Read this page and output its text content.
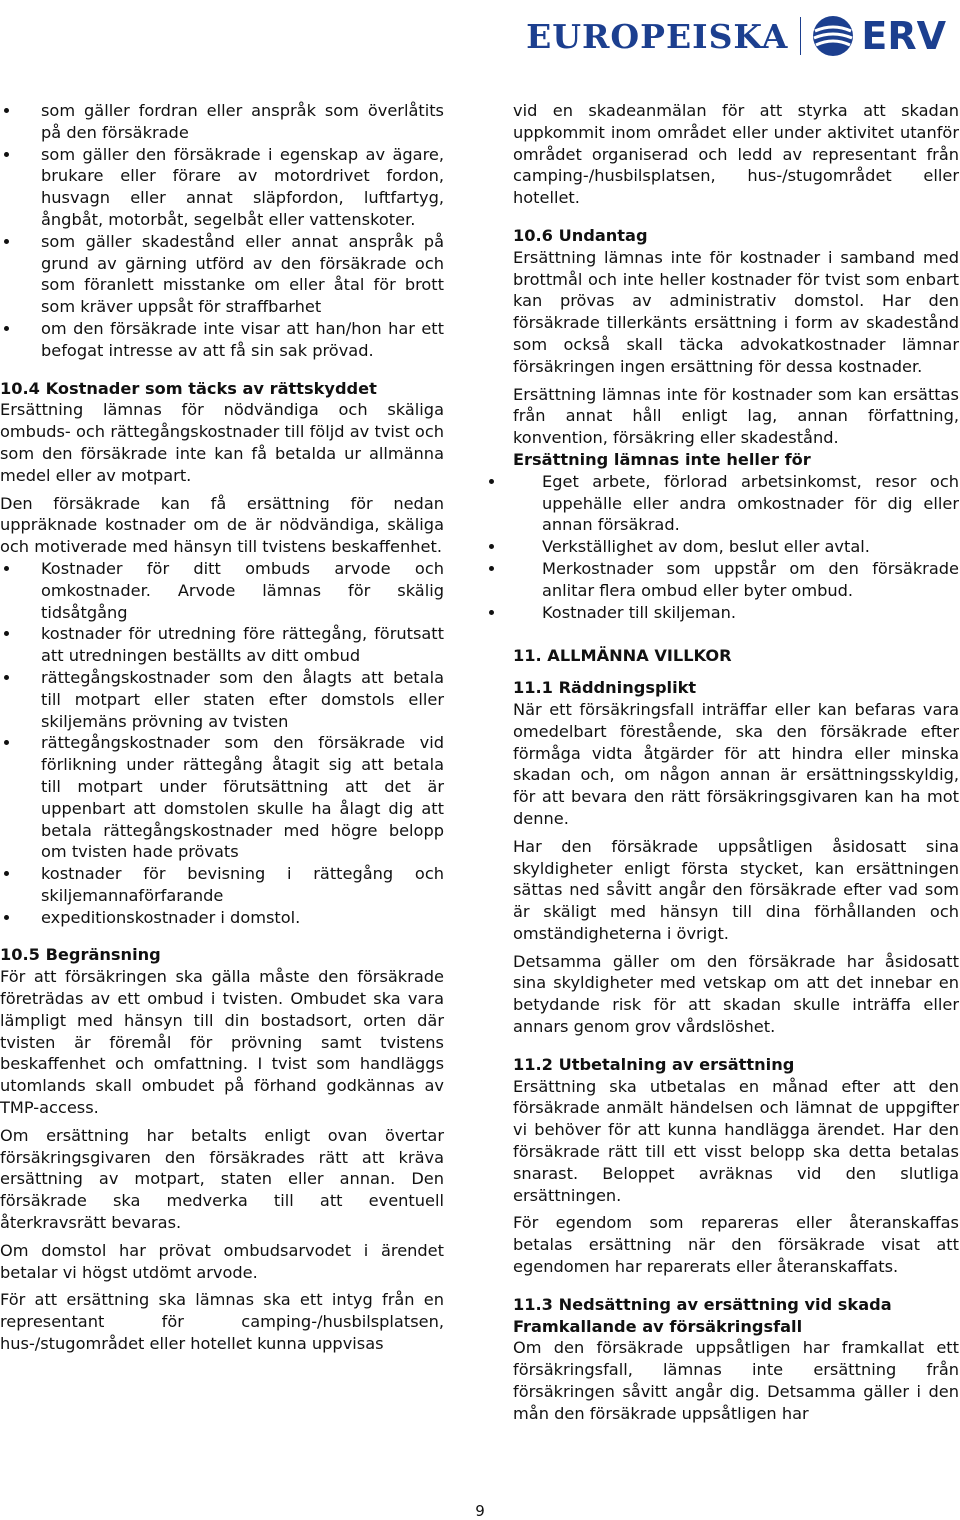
EUROPEISKA ERV
som gäller fordran eller anspråk som överlåtits på den försäkrade
som gäller den försäkrade i egenskap av ägare, brukare eller förare av motordrivet fordon, husvagn eller annat släpfordon, luftfartyg, ångbåt, motorbåt, segelbåt eller vattenskoter.
som gäller skadestånd eller annat anspråk på grund av gärning utförd av den försäkrade och som föranlett misstanke om eller åtal för brott som kräver uppsåt för straffbarhet
om den försäkrade inte visar att han/hon har ett befogat intresse av att få sin sak prövad.
10.4 Kostnader som täcks av rättskyddet

Ersättning lämnas för nödvändiga och skäliga ombuds- och rättegångskostnader till följd av tvist och som den försäkrade inte kan få betalda ur allmänna medel eller av motpart.

Den försäkrade kan få ersättning för nedan uppräknade kostnader om de är nödvändiga, skäliga och motiverade med hänsyn till tvistens beskaffenhet.

Kostnader för ditt ombuds arvode och omkostnader. Arvode lämnas för skälig tidsåtgång
kostnader för utredning före rättegång, förutsatt att utredningen beställts av ditt ombud
rättegångskostnader som den ålagts att betala till motpart eller staten efter domstols eller skiljemäns prövning av tvisten
rättegångskostnader som den försäkrade vid förlikning under rättegång åtagit sig att betala till motpart under förutsättning att det är uppenbart att domstolen skulle ha ålagt dig att betala rättegångskostnader med högre belopp om tvisten hade prövats
kostnader för bevisning i rättegång och skiljemannaförfarande
expeditionskostnader i domstol.
10.5 Begränsning

För att försäkringen ska gälla måste den försäkrade företrädas av ett ombud i tvisten. Ombudet ska vara lämpligt med hänsyn till din bostadsort, orten där tvisten är föremål för prövning samt tvistens beskaffenhet och omfattning. I tvist som handläggs utomlands skall ombudet på förhand godkännas av TMP-access.

Om ersättning har betalts enligt ovan övertar försäkringsgivaren den försäkrades rätt att kräva ersättning av motpart, staten eller annan. Den försäkrade ska medverka till att eventuell återkravsrätt bevaras.

Om domstol har prövat ombudsarvodet i ärendet betalar vi högst utdömt arvode.

För att ersättning ska lämnas ska ett intyg från en representant för camping-/husbilsplatsen, hus-/stugområdet eller hotellet kunna uppvisas

vid en skadeanmälan för att styrka att skadan uppkommit inom området eller under aktivitet utanför området organiserad och ledd av representant från camping-/husbilsplatsen, hus-/stugområdet eller hotellet.

10.6 Undantag

Ersättning lämnas inte för kostnader i samband med brottmål och inte heller kostnader för tvist som enbart kan prövas av administrativ domstol. Har den försäkrade tillerkänts ersättning i form av skadestånd som också skall täcka advokatkostnader lämnar försäkringen ingen ersättning för dessa kostnader.

Ersättning lämnas inte för kostnader som kan ersättas från annat håll enligt lag, annan författning, konvention, försäkring eller skadestånd.

Ersättning lämnas inte heller för
Eget arbete, förlorad arbetsinkomst, resor och uppehälle eller andra omkostnader för dig eller annan försäkrad.
Verkställighet av dom, beslut eller avtal.
Merkostnader som uppstår om den försäkrade anlitar flera ombud eller byter ombud.
Kostnader till skiljeman.
11. ALLMÄNNA VILLKOR
11.1 Räddningsplikt

När ett försäkringsfall inträffar eller kan befaras vara omedelbart förestående, ska den försäkrade efter förmåga vidta åtgärder för att hindra eller minska skadan och, om någon annan är ersättningsskyldig, för att bevara den rätt försäkringsgivaren kan ha mot denne.

Har den försäkrade uppsåtligen åsidosatt sina skyldigheter enligt första stycket, kan ersättningen sättas ned såvitt angår den försäkrade efter vad som är skäligt med hänsyn till dina förhållanden och omständigheterna i övrigt.

Detsamma gäller om den försäkrade har åsidosatt sina skyldigheter med vetskap om att det innebar en betydande risk för att skadan skulle inträffa eller annars genom grov vårdslöshet.

11.2 Utbetalning av ersättning

Ersättning ska utbetalas en månad efter att den försäkrade anmält händelsen och lämnat de uppgifter vi behöver för att kunna handlägga ärendet. Har den försäkrade rätt till ett visst belopp ska detta betalas snarast. Beloppet avräknas vid den slutliga ersättningen.

För egendom som repareras eller återanskaffas betalas ersättning när den försäkrade visat att egendomen har reparerats eller återanskaffats.

11.3 Nedsättning av ersättning vid skada
Framkallande av försäkringsfall

Om den försäkrade uppsåtligen har framkallat ett försäkringsfall, lämnas inte ersättning från försäkringen såvitt angår dig. Detsamma gäller i den mån den försäkrade uppsåtligen har

9
